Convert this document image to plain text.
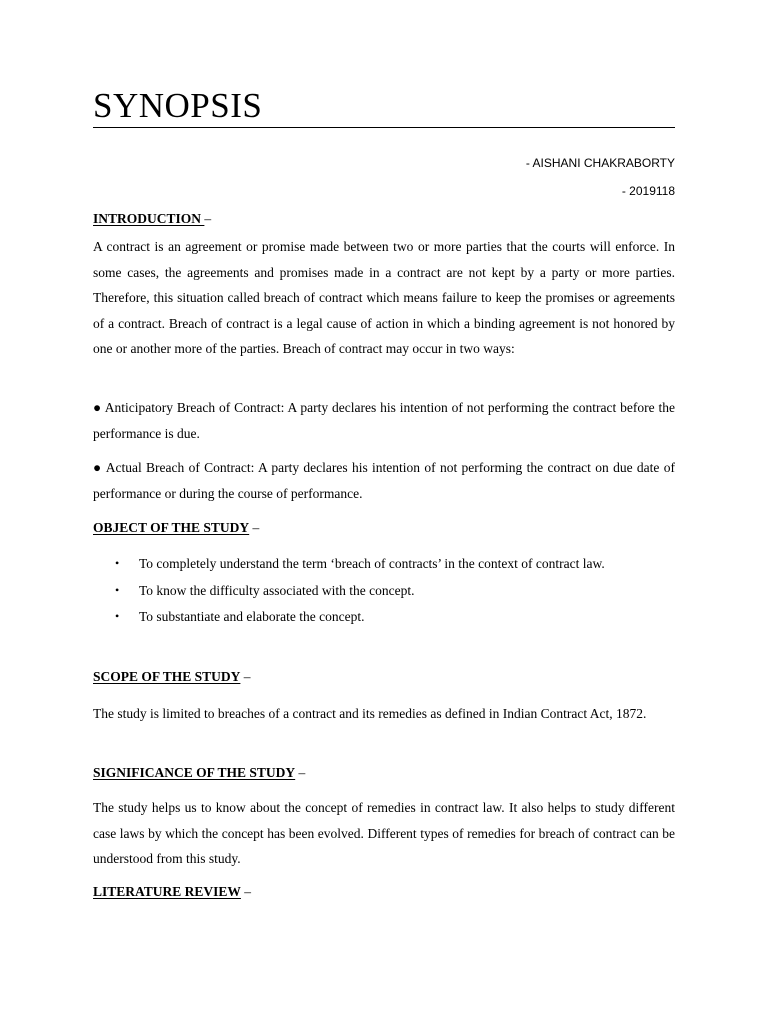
SYNOPSIS
- AISHANI CHAKRABORTY
- 2019118
INTRODUCTION –
A contract is an agreement or promise made between two or more parties that the courts will enforce. In some cases, the agreements and promises made in a contract are not kept by a party or more parties. Therefore, this situation called breach of contract which means failure to keep the promises or agreements of a contract. Breach of contract is a legal cause of action in which a binding agreement is not honored by one or another more of the parties. Breach of contract may occur in two ways:
● Anticipatory Breach of Contract: A party declares his intention of not performing the contract before the performance is due.
● Actual Breach of Contract: A party declares his intention of not performing the contract on due date of performance or during the course of performance.
OBJECT OF THE STUDY –
• To completely understand the term ‘breach of contracts’ in the context of contract law.
• To know the difficulty associated with the concept.
• To substantiate and elaborate the concept.
SCOPE OF THE STUDY –
The study is limited to breaches of a contract and its remedies as defined in Indian Contract Act, 1872.
SIGNIFICANCE OF THE STUDY –
The study helps us to know about the concept of remedies in contract law. It also helps to study different case laws by which the concept has been evolved. Different types of remedies for breach of contract can be understood from this study.
LITERATURE REVIEW –
